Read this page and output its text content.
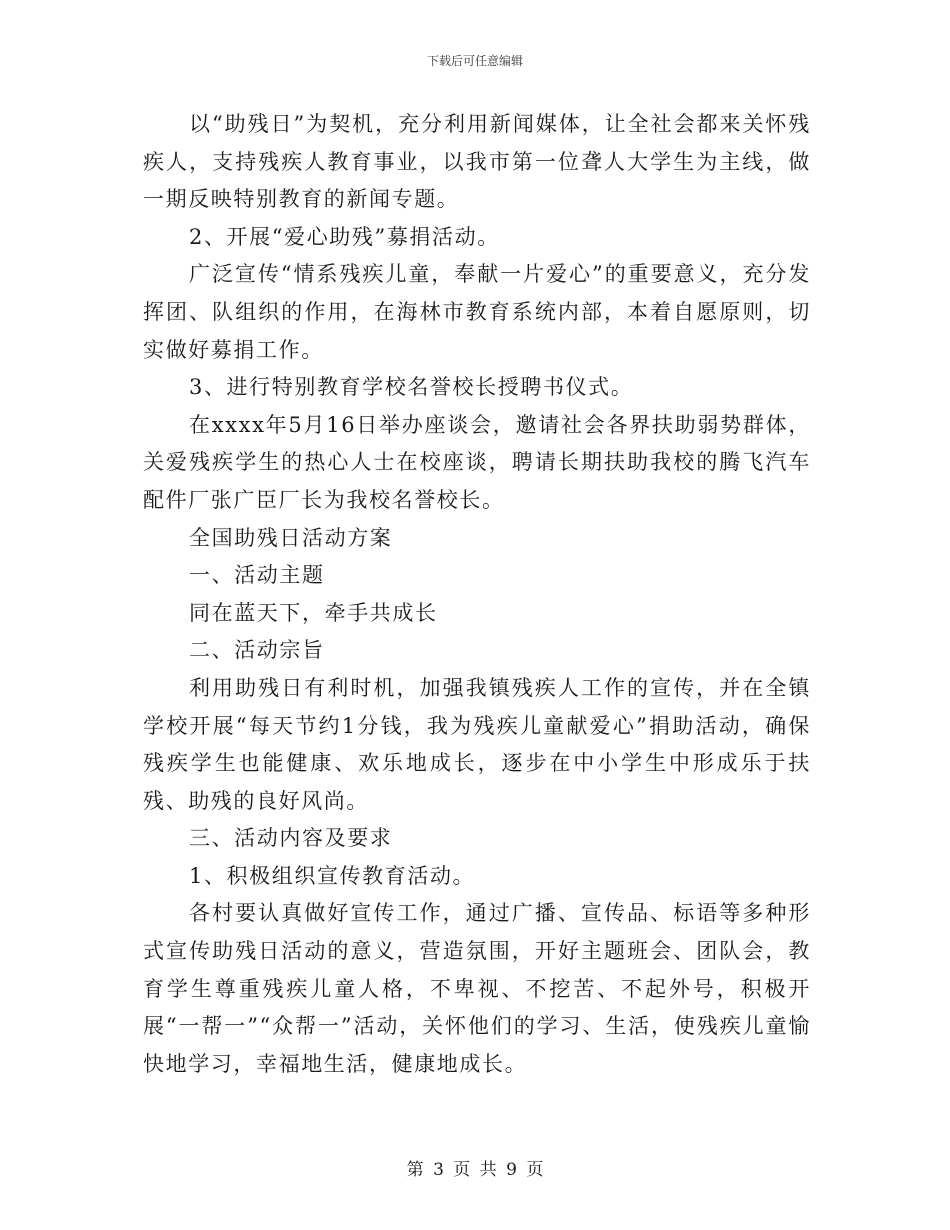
下载后可任意编辑

以“助残日”为契机，充分利用新闻媒体，让全社会都来关怀残疾人，支持残疾人教育事业，以我市第一位聋人大学生为主线，做一期反映特别教育的新闻专题。

2、开展“爱心助残”募捐活动。

广泛宣传“情系残疾儿童，奉献一片爱心”的重要意义，充分发挥团、队组织的作用，在海林市教育系统内部，本着自愿原则，切实做好募捐工作。

3、进行特别教育学校名誉校长授聘书仪式。

在xxxx年5月16日举办座谈会，邀请社会各界扶助弱势群体，关爱残疾学生的热心人士在校座谈，聘请长期扶助我校的腾飞汽车配件厂张广臣厂长为我校名誉校长。

全国助残日活动方案

一、活动主题

同在蓝天下，牵手共成长

二、活动宗旨

利用助残日有利时机，加强我镇残疾人工作的宣传，并在全镇学校开展“每天节约1分钱，我为残疾儿童献爱心”捐助活动，确保残疾学生也能健康、欢乐地成长，逐步在中小学生中形成乐于扶残、助残的良好风尚。

三、活动内容及要求

1、积极组织宣传教育活动。

各村要认真做好宣传工作，通过广播、宣传品、标语等多种形式宣传助残日活动的意义，营造氛围，开好主题班会、团队会，教育学生尊重残疾儿童人格，不卑视、不挖苦、不起外号，积极开展“一帮一”“众帮一”活动，关怀他们的学习、生活，使残疾儿童愉快地学习，幸福地生活，健康地成长。

第 3 页 共 9 页
